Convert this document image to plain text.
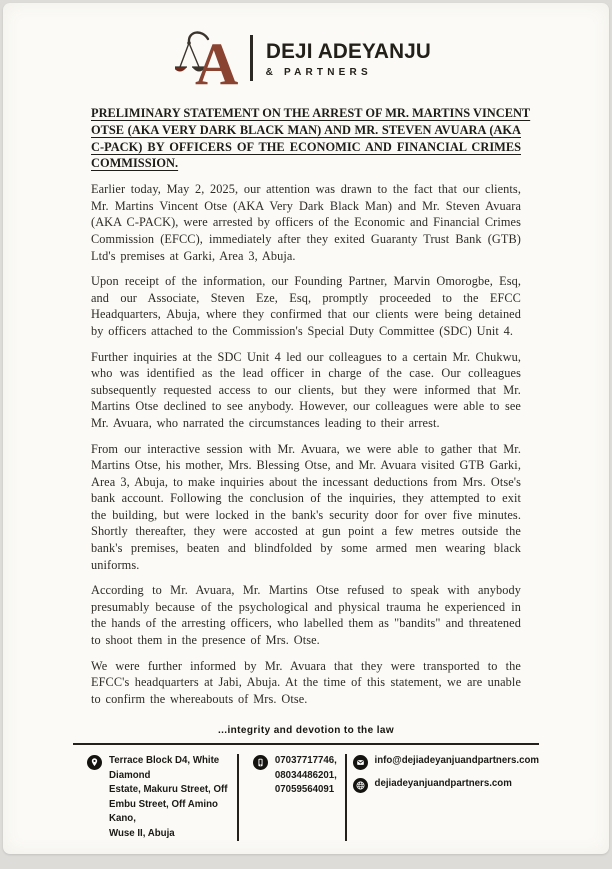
A DEJI ADEYANJU
& PARTNERS
PRELIMINARY STATEMENT ON THE ARREST OF MR. MARTINS VINCENT
OTSE (AKA VERY DARK BLACK MAN) AND MR. STEVEN AVUARA (AKA
C-PACK) BY OFFICERS OF THE ECONOMIC AND FINANCIAL CRIMES
COMMISSION.

Earlier today, May 2, 2025, our attention was drawn to the fact that our clients, Mr. Martins Vincent Otse (AKA Very Dark Black Man) and Mr. Steven Avuara (AKA C-PACK), were arrested by officers of the Economic and Financial Crimes Commission (EFCC), immediately after they exited Guaranty Trust Bank (GTB) Ltd's premises at Garki, Area 3, Abuja.

Upon receipt of the information, our Founding Partner, Marvin Omorogbe, Esq, and our Associate, Steven Eze, Esq, promptly proceeded to the EFCC Headquarters, Abuja, where they confirmed that our clients were being detained by officers attached to the Commission's Special Duty Committee (SDC) Unit 4.

Further inquiries at the SDC Unit 4 led our colleagues to a certain Mr. Chukwu, who was identified as the lead officer in charge of the case. Our colleagues subsequently requested access to our clients, but they were informed that Mr. Martins Otse declined to see anybody. However, our colleagues were able to see Mr. Avuara, who narrated the circumstances leading to their arrest.

From our interactive session with Mr. Avuara, we were able to gather that Mr. Martins Otse, his mother, Mrs. Blessing Otse, and Mr. Avuara visited GTB Garki, Area 3, Abuja, to make inquiries about the incessant deductions from Mrs. Otse's bank account. Following the conclusion of the inquiries, they attempted to exit the building, but were locked in the bank's security door for over five minutes. Shortly thereafter, they were accosted at gun point a few metres outside the bank's premises, beaten and blindfolded by some armed men wearing black uniforms.

According to Mr. Avuara, Mr. Martins Otse refused to speak with anybody presumably because of the psychological and physical trauma he experienced in the hands of the arresting officers, who labelled them as "bandits" and threatened to shoot them in the presence of Mrs. Otse.

We were further informed by Mr. Avuara that they were transported to the EFCC's headquarters at Jabi, Abuja. At the time of this statement, we are unable to confirm the whereabouts of Mrs. Otse.

...integrity and devotion to the law
Terrace Block D4, White Diamond
Estate, Makuru Street, Off
Embu Street, Off Amino Kano,
Wuse II, Abuja
07037717746,
08034486201,
07059564091
info@dejiadeyanjuandpartners.com
dejiadeyanjuandpartners.com
